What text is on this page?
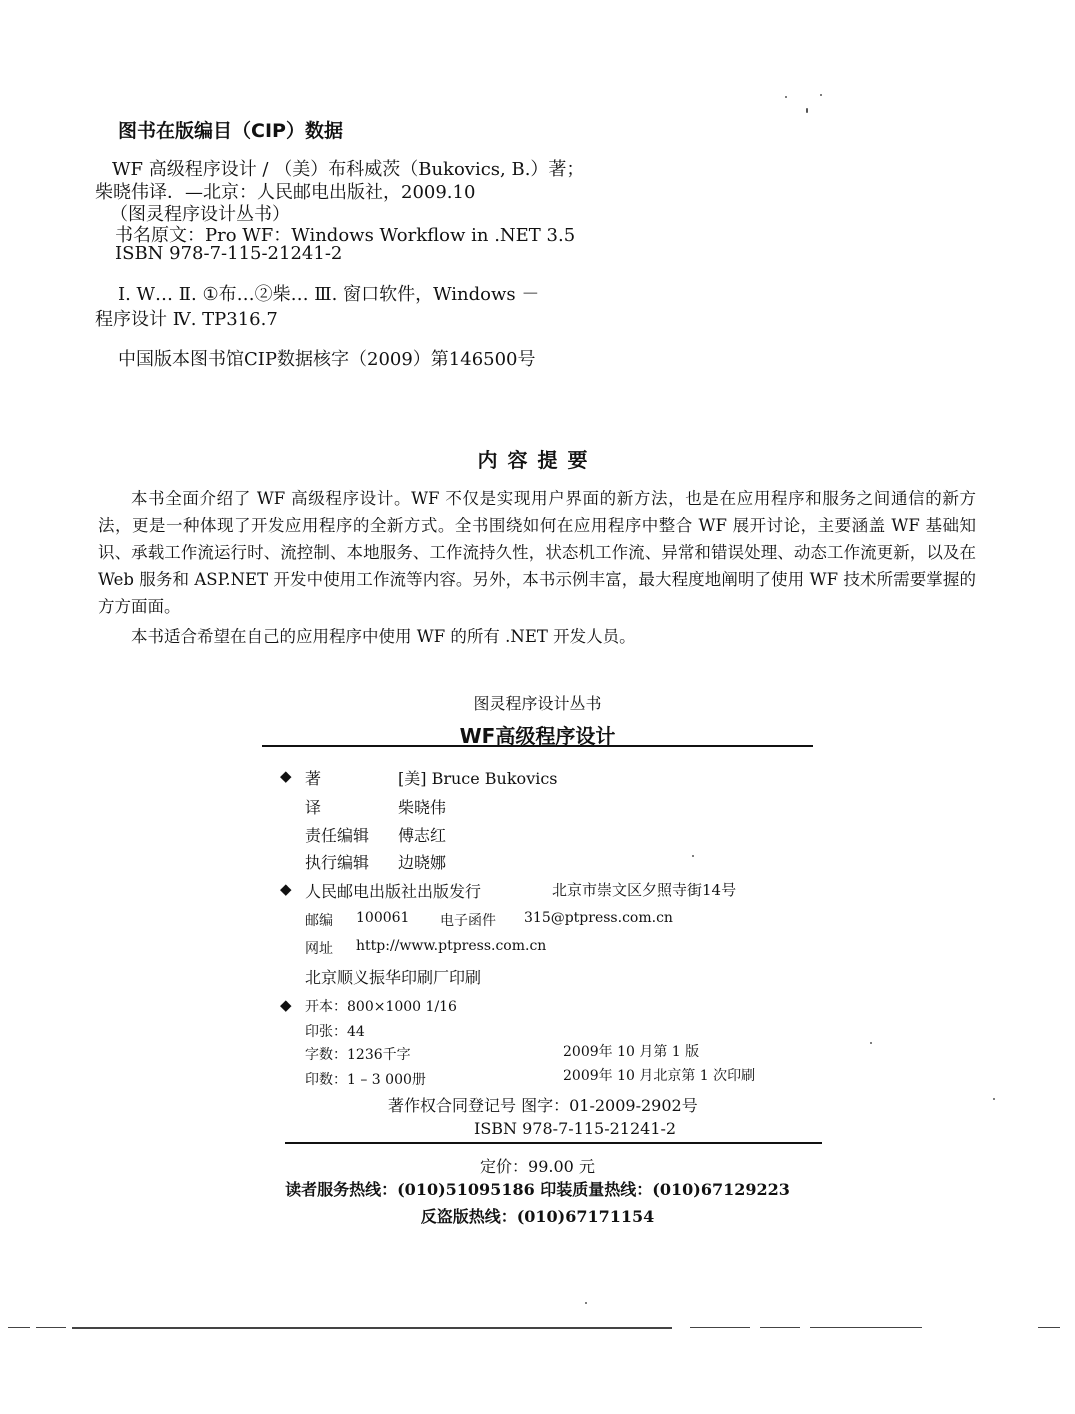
图书在版编目（CIP）数据
WF 高级程序设计 / （美）布科威茨（Bukovics, B.）著；
柴晓伟译．—北京：人民邮电出版社，2009.10
（图灵程序设计丛书）
书名原文：Pro WF：Windows Workflow in .NET 3.5
ISBN 978-7-115-21241-2
Ⅰ. W… Ⅱ. ①布…②柴… Ⅲ. 窗口软件，Windows －
程序设计 Ⅳ. TP316.7
中国版本图书馆CIP数据核字（2009）第146500号
内容提要
本书全面介绍了 WF 高级程序设计。WF 不仅是实现用户界面的新方法，也是在应用程序和服务之间通信的新方法，更是一种体现了开发应用程序的全新方式。全书围绕如何在应用程序中整合 WF 展开讨论，主要涵盖 WF 基础知识、承载工作流运行时、流控制、本地服务、工作流持久性，状态机工作流、异常和错误处理、动态工作流更新，以及在 Web 服务和 ASP.NET 开发中使用工作流等内容。另外，本书示例丰富，最大程度地阐明了使用 WF 技术所需要掌握的方方面面。
本书适合希望在自己的应用程序中使用 WF 的所有 .NET 开发人员。
图灵程序设计丛书
WF高级程序设计
◆ 著	[美] Bruce Bukovics
译	柴晓伟
责任编辑 傅志红
执行编辑 边晓娜
◆ 人民邮电出版社出版发行	北京市崇文区夕照寺街14号
邮编 100061 电子函件 315@ptpress.com.cn
网址 http://www.ptpress.com.cn
北京顺义振华印刷厂印刷
◆ 开本：800×1000 1/16
印张：44
字数：1236千字	2009年 10 月第 1 版
印数：1 – 3 000册	2009年 10 月北京第 1 次印刷
著作权合同登记号 图字：01-2009-2902号
ISBN 978-7-115-21241-2
定价：99.00 元
读者服务热线：(010)51095186 印装质量热线：(010)67129223
反盗版热线：(010)67171154
